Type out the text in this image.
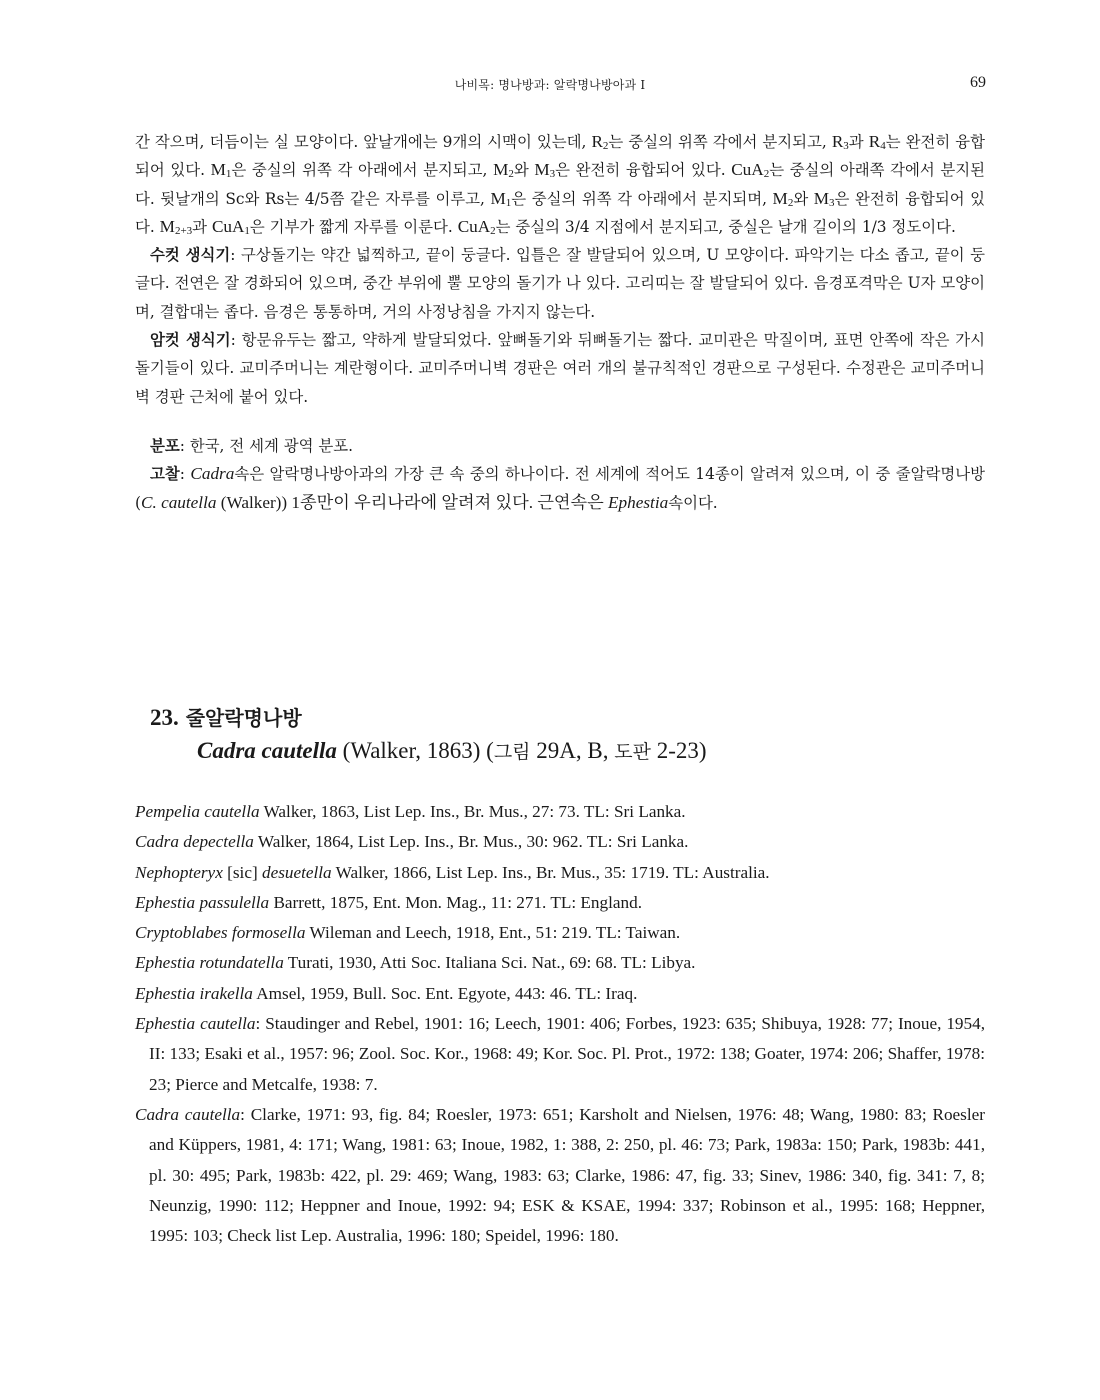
나비목: 명나방과: 알락명나방아과 I	69

간 작으며, 더듬이는 실 모양이다. 앞날개에는 9개의 시맥이 있는데, R2는 중실의 위쪽 각에서 분지되고, R3과 R4는 완전히 융합되어 있다. M1은 중실의 위쪽 각 아래에서 분지되고, M2와 M3은 완전히 융합되어 있다. CuA2는 중실의 아래쪽 각에서 분지된다. 뒷날개의 Sc와 Rs는 4/5쯤 같은 자루를 이루고, M1은 중실의 위쪽 각 아래에서 분지되며, M2와 M3은 완전히 융합되어 있다. M2+3과 CuA1은 기부가 짧게 자루를 이룬다. CuA2는 중실의 3/4 지점에서 분지되고, 중실은 날개 길이의 1/3 정도이다.

수컷 생식기: 구상돌기는 약간 넓찍하고, 끝이 둥글다. 입틀은 잘 발달되어 있으며, U 모양이다. 파악기는 다소 좁고, 끝이 둥글다. 전연은 잘 경화되어 있으며, 중간 부위에 뿔 모양의 돌기가 나 있다. 고리띠는 잘 발달되어 있다. 음경포격막은 U자 모양이며, 결합대는 좁다. 음경은 통통하며, 거의 사정낭침을 가지지 않는다.

암컷 생식기: 항문유두는 짧고, 약하게 발달되었다. 앞뼈돌기와 뒤뼈돌기는 짧다. 교미관은 막질이며, 표면 안쪽에 작은 가시돌기들이 있다. 교미주머니는 계란형이다. 교미주머니벽 경판은 여러 개의 불규칙적인 경판으로 구성된다. 수정관은 교미주머니벽 경판 근처에 붙어 있다.

분포: 한국, 전 세계 광역 분포.

고찰: Cadra속은 알락명나방아과의 가장 큰 속 중의 하나이다. 전 세계에 적어도 14종이 알려져 있으며, 이 중 줄알락명나방(C. cautella (Walker)) 1종만이 우리나라에 알려져 있다. 근연속은 Ephestia속이다.

23. 줄알락명나방
Cadra cautella (Walker, 1863) (그림 29A, B, 도판 2-23)
Pempelia cautella Walker, 1863, List Lep. Ins., Br. Mus., 27: 73. TL: Sri Lanka.
Cadra depectella Walker, 1864, List Lep. Ins., Br. Mus., 30: 962. TL: Sri Lanka.
Nephopteryx [sic] desuetella Walker, 1866, List Lep. Ins., Br. Mus., 35: 1719. TL: Australia.
Ephestia passulella Barrett, 1875, Ent. Mon. Mag., 11: 271. TL: England.
Cryptoblabes formosella Wileman and Leech, 1918, Ent., 51: 219. TL: Taiwan.
Ephestia rotundatella Turati, 1930, Atti Soc. Italiana Sci. Nat., 69: 68. TL: Libya.
Ephestia irakella Amsel, 1959, Bull. Soc. Ent. Egyote, 443: 46. TL: Iraq.
Ephestia cautella: Staudinger and Rebel, 1901: 16; Leech, 1901: 406; Forbes, 1923: 635; Shibuya, 1928: 77; Inoue, 1954, II: 133; Esaki et al., 1957: 96; Zool. Soc. Kor., 1968: 49; Kor. Soc. Pl. Prot., 1972: 138; Goater, 1974: 206; Shaffer, 1978: 23; Pierce and Metcalfe, 1938: 7.
Cadra cautella: Clarke, 1971: 93, fig. 84; Roesler, 1973: 651; Karsholt and Nielsen, 1976: 48; Wang, 1980: 83; Roesler and Küppers, 1981, 4: 171; Wang, 1981: 63; Inoue, 1982, 1: 388, 2: 250, pl. 46: 73; Park, 1983a: 150; Park, 1983b: 441, pl. 30: 495; Park, 1983b: 422, pl. 29: 469; Wang, 1983: 63; Clarke, 1986: 47, fig. 33; Sinev, 1986: 340, fig. 341: 7, 8; Neunzig, 1990: 112; Heppner and Inoue, 1992: 94; ESK & KSAE, 1994: 337; Robinson et al., 1995: 168; Heppner, 1995: 103; Check list Lep. Australia, 1996: 180; Speidel, 1996: 180.
